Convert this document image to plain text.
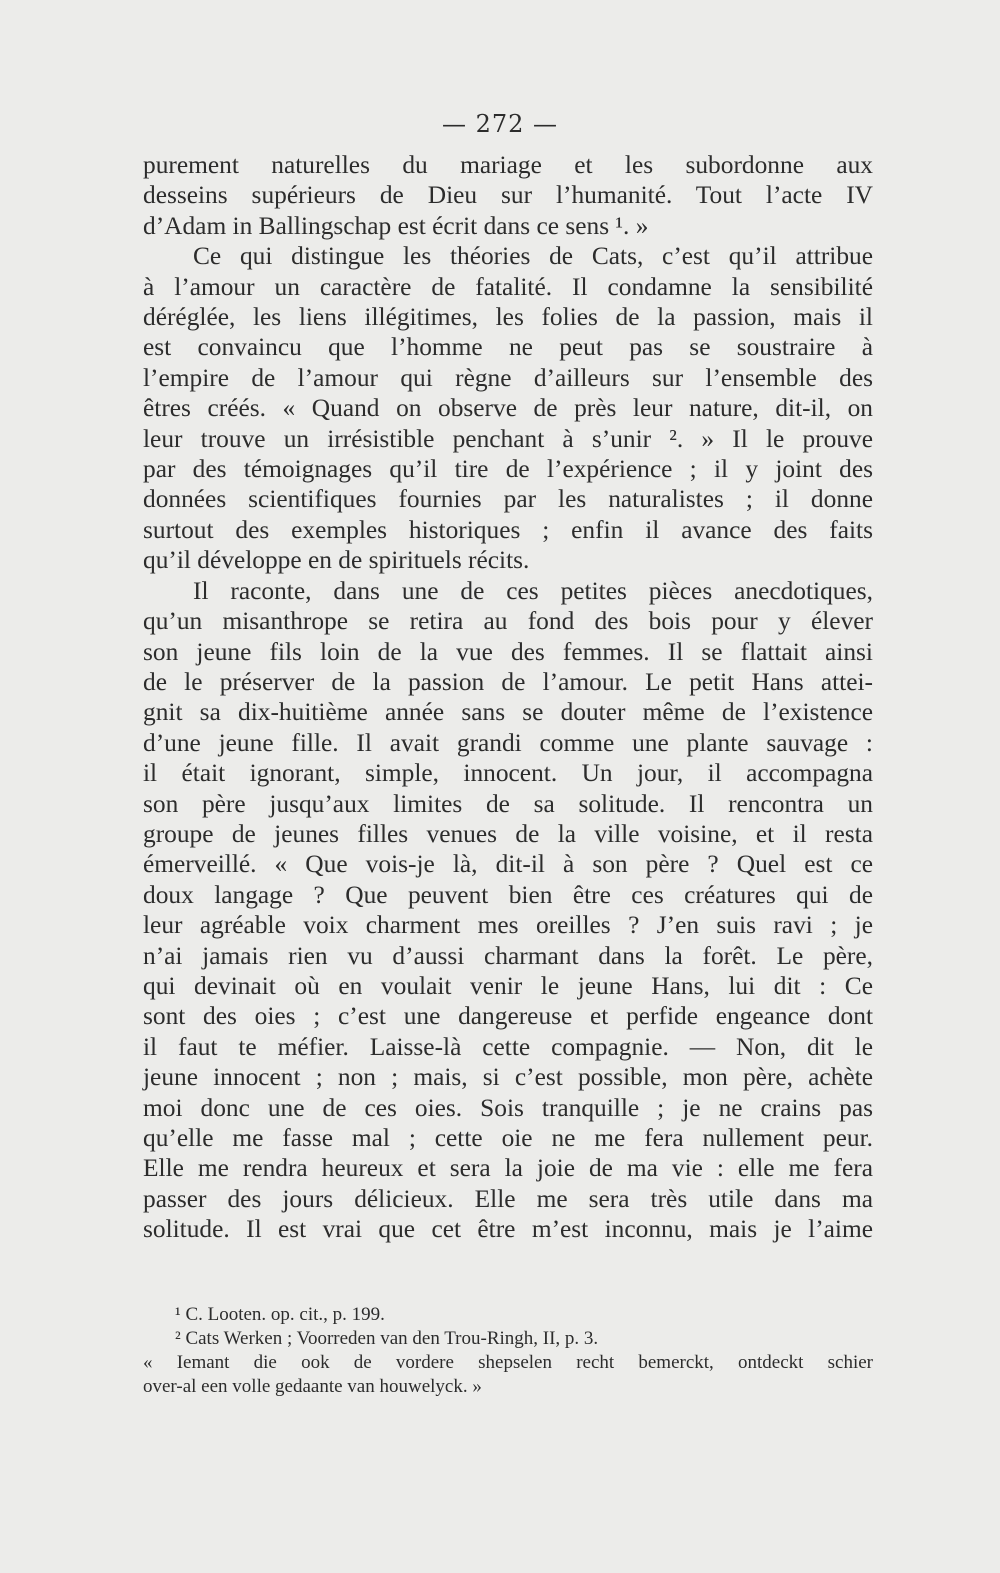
— 272 —
purement naturelles du mariage et les subordonne aux
desseins supérieurs de Dieu sur l’humanité. Tout l’acte IV
d’Adam in Ballingschap est écrit dans ce sens ¹. »
Ce qui distingue les théories de Cats, c’est qu’il attribue
à l’amour un caractère de fatalité. Il condamne la sensibilité
déréglée, les liens illégitimes, les folies de la passion, mais il
est convaincu que l’homme ne peut pas se soustraire à
l’empire de l’amour qui règne d’ailleurs sur l’ensemble des
êtres créés. « Quand on observe de près leur nature, dit-il, on
leur trouve un irrésistible penchant à s’unir ². » Il le prouve
par des témoignages qu’il tire de l’expérience ; il y joint des
données scientifiques fournies par les naturalistes ; il donne
surtout des exemples historiques ; enfin il avance des faits
qu’il développe en de spirituels récits.
Il raconte, dans une de ces petites pièces anecdotiques,
qu’un misanthrope se retira au fond des bois pour y élever
son jeune fils loin de la vue des femmes. Il se flattait ainsi
de le préserver de la passion de l’amour. Le petit Hans attei-
gnit sa dix-huitième année sans se douter même de l’existence
d’une jeune fille. Il avait grandi comme une plante sauvage :
il était ignorant, simple, innocent. Un jour, il accompagna
son père jusqu’aux limites de sa solitude. Il rencontra un
groupe de jeunes filles venues de la ville voisine, et il resta
émerveillé. « Que vois-je là, dit-il à son père ? Quel est ce
doux langage ? Que peuvent bien être ces créatures qui de
leur agréable voix charment mes oreilles ? J’en suis ravi ; je
n’ai jamais rien vu d’aussi charmant dans la forêt. Le père,
qui devinait où en voulait venir le jeune Hans, lui dit : Ce
sont des oies ; c’est une dangereuse et perfide engeance dont
il faut te méfier. Laisse-là cette compagnie. — Non, dit le
jeune innocent ; non ; mais, si c’est possible, mon père, achète
moi donc une de ces oies. Sois tranquille ; je ne crains pas
qu’elle me fasse mal ; cette oie ne me fera nullement peur.
Elle me rendra heureux et sera la joie de ma vie : elle me fera
passer des jours délicieux. Elle me sera très utile dans ma
solitude. Il est vrai que cet être m’est inconnu, mais je l’aime
¹ C. Looten. op. cit., p. 199.
² Cats Werken ; Voorreden van den Trou-Ringh, II, p. 3.
« Iemant die ook de vordere shepselen recht bemerckt, ontdeckt schier
over-al een volle gedaante van houwelyck. »
